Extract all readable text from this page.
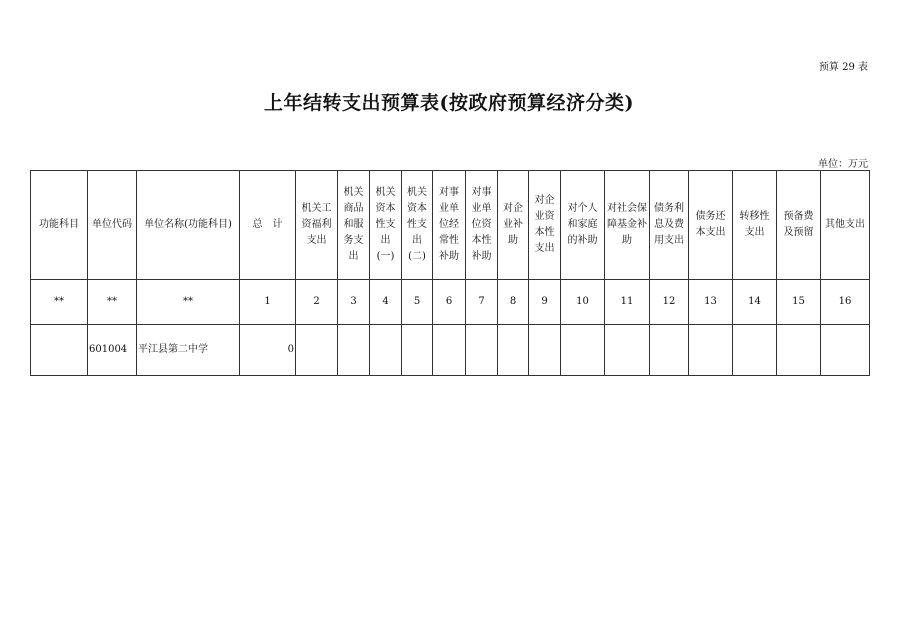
预算 29 表
上年结转支出预算表(按政府预算经济分类)
单位：万元
功能科目	单位代码	单位名称(功能科目)	总　计	机关工资福利支出	机关商品和服务支出	机关资本性支出(一)	机关资本性支出(二)	对事业单位经常性补助	对事业单位资本性补助	对企业补助	对企业资本性支出	对个人和家庭的补助	对社会保障基金补助	债务利息及费用支出	债务还本支出	转移性支出	预备费及预留	其他支出
**	**	**	1	2	3	4	5	6	7	8	9	10	11	12	13	14	15	16
	601004	平江县第二中学	0															
